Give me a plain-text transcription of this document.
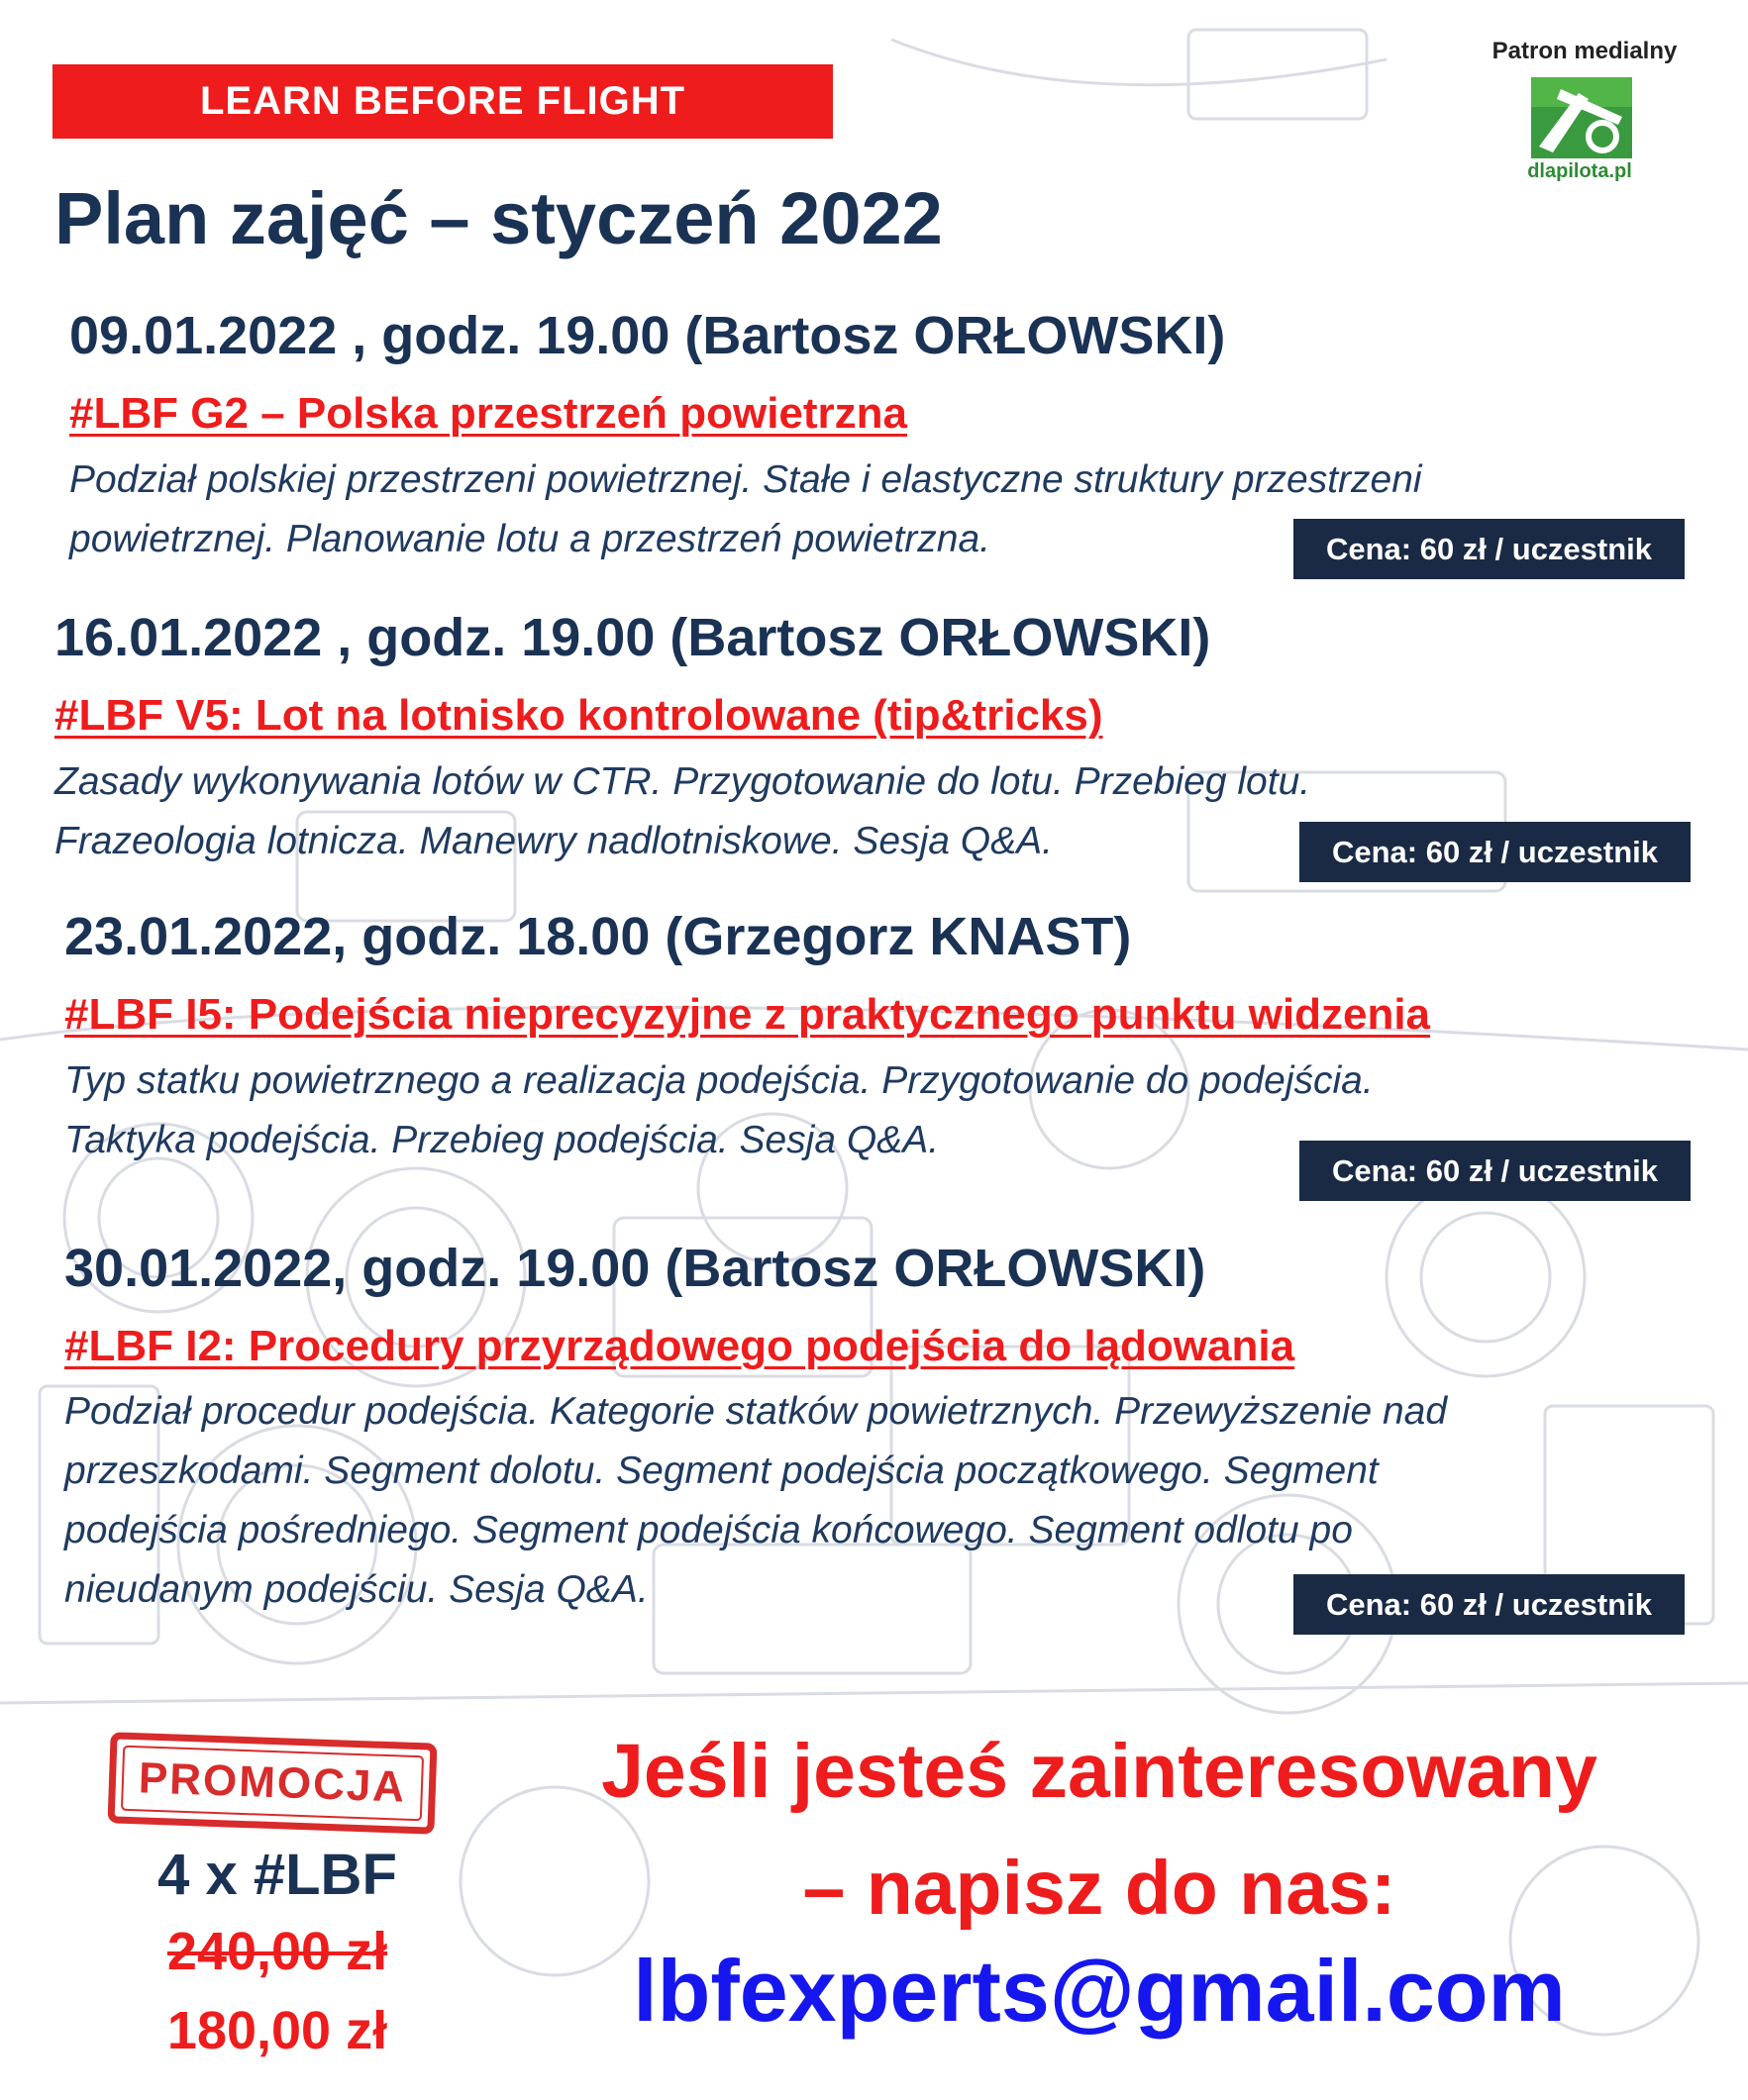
LEARN BEFORE FLIGHT
Patron medialny
dlapilota.pl
Plan zajęć – styczeń 2022
09.01.2022 , godz. 19.00 (Bartosz ORŁOWSKI)
#LBF G2 – Polska przestrzeń powietrzna
Podział polskiej przestrzeni powietrznej. Stałe i elastyczne struktury przestrzeni
powietrznej. Planowanie lotu a przestrzeń powietrzna.	Cena: 60 zł / uczestnik
16.01.2022 , godz. 19.00 (Bartosz ORŁOWSKI)
#LBF V5: Lot na lotnisko kontrolowane (tip&tricks)
Zasady wykonywania lotów w CTR. Przygotowanie do lotu. Przebieg lotu.
Frazeologia lotnicza. Manewry nadlotniskowe. Sesja Q&A.	Cena: 60 zł / uczestnik
23.01.2022, godz. 18.00 (Grzegorz KNAST)
#LBF I5: Podejścia nieprecyzyjne z praktycznego punktu widzenia
Typ statku powietrznego a realizacja podejścia. Przygotowanie do podejścia.
Taktyka podejścia. Przebieg podejścia. Sesja Q&A.
Cena: 60 zł / uczestnik
30.01.2022, godz. 19.00 (Bartosz ORŁOWSKI)
#LBF I2: Procedury przyrządowego podejścia do lądowania
Podział procedur podejścia. Kategorie statków powietrznych. Przewyższenie nad
przeszkodami. Segment dolotu. Segment podejścia początkowego. Segment
podejścia pośredniego. Segment podejścia końcowego. Segment odlotu po
nieudanym podejściu. Sesja Q&A.	Cena: 60 zł / uczestnik
PROMOCJA
4 x #LBF
240,00 zł
180,00 zł
Jeśli jesteś zainteresowany
– napisz do nas:
lbfexperts@gmail.com
